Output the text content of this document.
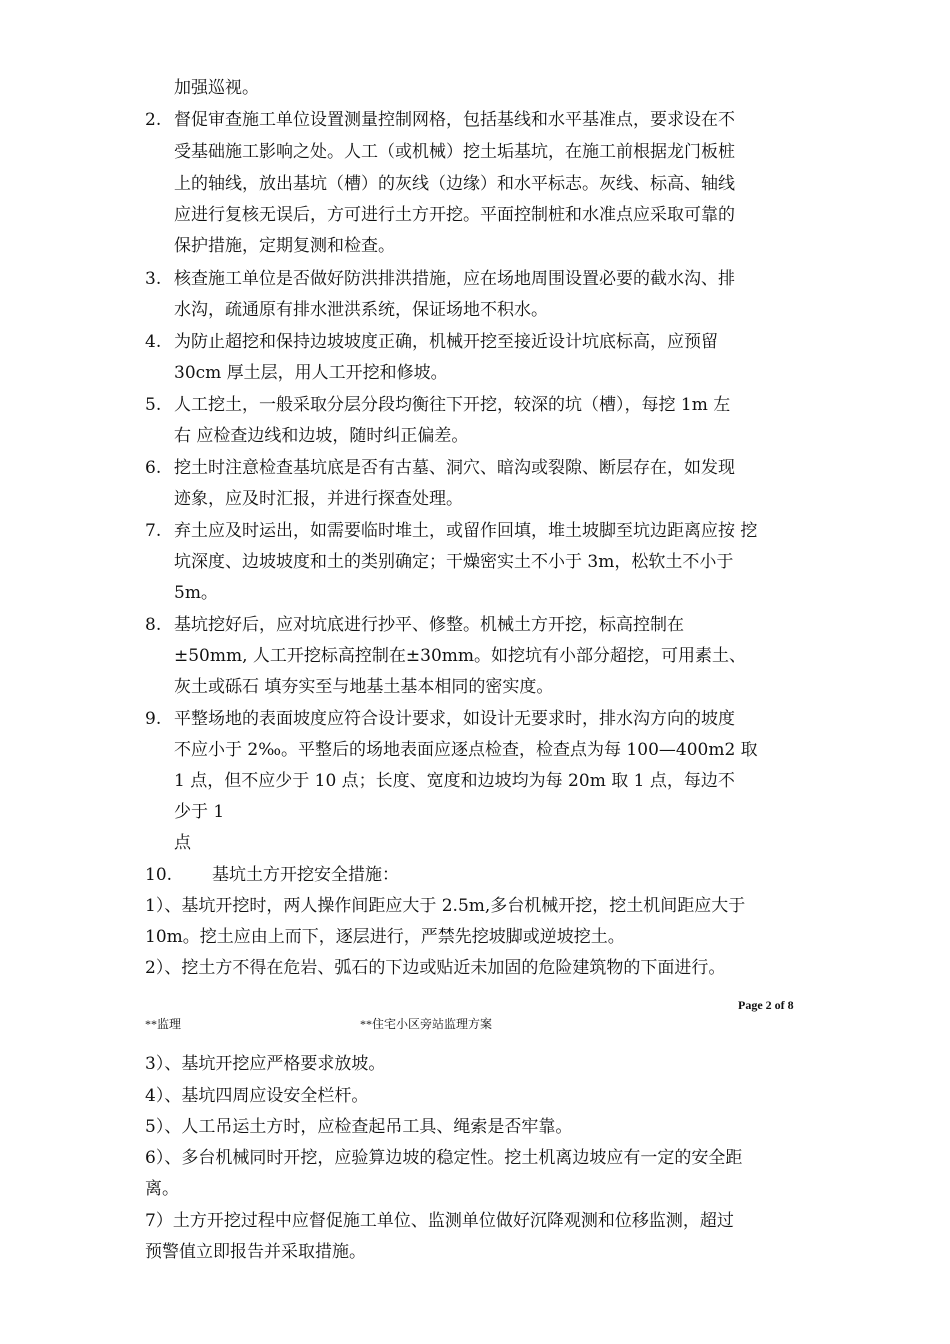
加强巡视。
2. 督促审查施工单位设置测量控制网格，包括基线和水平基准点，要求设在不
受基础施工影响之处。人工（或机械）挖土垢基坑，在施工前根据龙门板桩
上的轴线，放出基坑（槽）的灰线（边缘）和水平标志。灰线、标高、轴线
应进行复核无误后，方可进行土方开挖。平面控制桩和水准点应采取可靠的
保护措施，定期复测和检查。
3. 核查施工单位是否做好防洪排洪措施，应在场地周围设置必要的截水沟、排
水沟，疏通原有排水泄洪系统，保证场地不积水。
4. 为防止超挖和保持边坡坡度正确，机械开挖至接近设计坑底标高，应预留
30cm 厚土层，用人工开挖和修坡。
5. 人工挖土，一般采取分层分段均衡往下开挖，较深的坑（槽），每挖 1m 左
右 应检查边线和边坡，随时纠正偏差。
6. 挖土时注意检查基坑底是否有古墓、洞穴、暗沟或裂隙、断层存在，如发现
迹象，应及时汇报，并进行探查处理。
7. 弃土应及时运出，如需要临时堆土，或留作回填，堆土坡脚至坑边距离应按 挖
坑深度、边坡坡度和土的类别确定；干燥密实土不小于 3m，松软土不小于
5m。
8. 基坑挖好后，应对坑底进行抄平、修整。机械土方开挖，标高控制在
±50mm, 人工开挖标高控制在±30mm。如挖坑有小部分超挖，可用素土、
灰土或砾石 填夯实至与地基土基本相同的密实度。
9. 平整场地的表面坡度应符合设计要求，如设计无要求时，排水沟方向的坡度
不应小于 2‰。平整后的场地表面应逐点检查，检查点为每 100—400m2 取
1 点，但不应少于 10 点；长度、宽度和边坡均为每 20m 取 1 点，每边不
少于 1
点
10. 基坑土方开挖安全措施：
1）、基坑开挖时，两人操作间距应大于 2.5m,多台机械开挖，挖土机间距应大于
10m。挖土应由上而下，逐层进行，严禁先挖坡脚或逆坡挖土。
2）、挖土方不得在危岩、弧石的下边或贴近未加固的危险建筑物的下面进行。
Page 2 of 8
**监理	**住宅小区旁站监理方案
3）、基坑开挖应严格要求放坡。
4）、基坑四周应设安全栏杆。
5）、人工吊运土方时，应检查起吊工具、绳索是否牢靠。
6）、多台机械同时开挖，应验算边坡的稳定性。挖土机离边坡应有一定的安全距
离。
7）土方开挖过程中应督促施工单位、监测单位做好沉降观测和位移监测，超过
预警值立即报告并采取措施。
